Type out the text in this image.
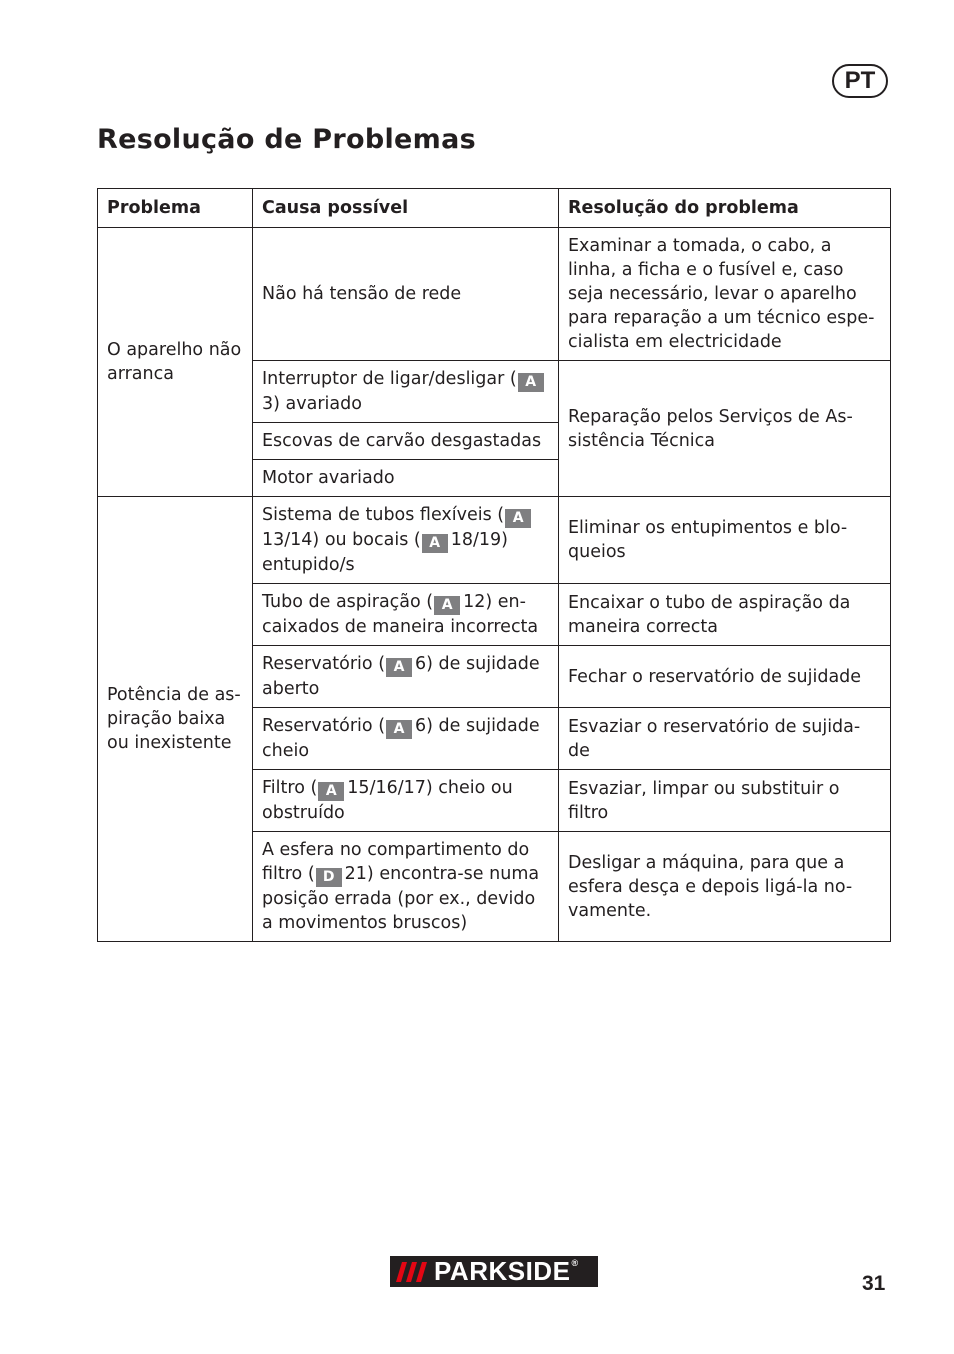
PT
Resolução de Problemas
Problema	Causa possível	Resolução do problema
O aparelho não arranca	Não há tensão de rede	Examinar a tomada, o cabo, a linha, a ficha e o fusível e, caso seja necessário, levar o aparelho para reparação a um técnico espe- cialista em electricidade
	Interruptor de ligar/desligar ( A3) avariado	Reparação pelos Serviços de As- sistência Técnica
	Escovas de carvão desgastadas	
	Motor avariado	
Potência de as- piração baixa ou inexistente	Sistema de tubos flexíveis ( A13/14) ou bocais ( A 18/19) entupido/s	Eliminar os entupimentos e blo- queios
	Tubo de aspiração ( A 12) en- caixados de maneira incorrecta	Encaixar o tubo de aspiração da maneira correcta
	Reservatório ( A 6) de sujidade aberto	Fechar o reservatório de sujidade
	Reservatório ( A 6) de sujidade cheio	Esvaziar o reservatório de sujida- de
	Filtro ( A 15/16/17) cheio ou obstruído	Esvaziar, limpar ou substituir o filtro
	A esfera no compartimento do filtro ( D 21) encontra-se numa posição errada (por ex., devido a movimentos bruscos)	Desligar a máquina, para que a esfera desça e depois ligá-la no- vamente.
PARKSIDE ®
31
